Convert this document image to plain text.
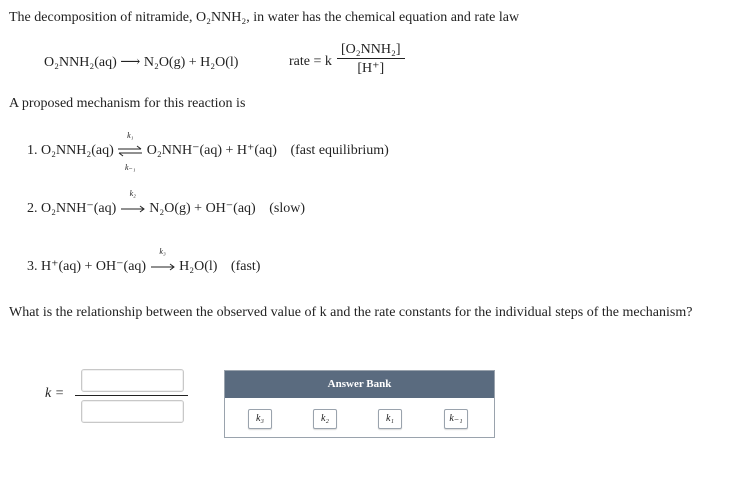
The decomposition of nitramide, O₂NNH₂, in water has the chemical equation and rate law
O₂NNH₂(aq) ⟶ N₂O(g) + H₂O(l)	rate = k
[O₂NNH₂]
[H⁺]
A proposed mechanism for this reaction is
1. O₂NNH₂(aq)
k₁
k₋₁
O₂NNH⁻(aq) + H⁺(aq) (fast equilibrium)
2. O₂NNH⁻(aq)
k₂
N₂O(g) + OH⁻(aq) (slow)
3. H⁺(aq) + OH⁻(aq)
k₃
H₂O(l) (fast)
What is the relationship between the observed value of k and the rate constants for the individual steps of the mechanism?
k =
Answer Bank
k₃	k₂	k₁	k₋₁
